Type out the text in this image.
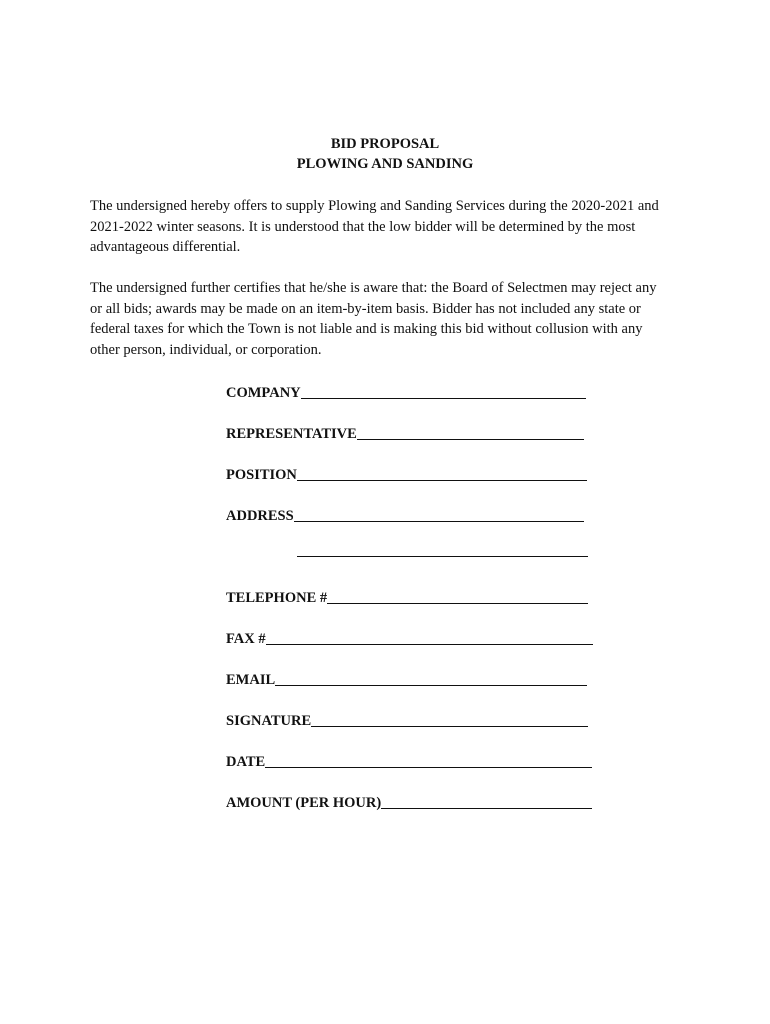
BID PROPOSAL
PLOWING AND SANDING
The undersigned hereby offers to supply Plowing and Sanding Services during the 2020-2021 and 2021-2022 winter seasons. It is understood that the low bidder will be determined by the most advantageous differential.
The undersigned further certifies that he/she is aware that: the Board of Selectmen may reject any or all bids; awards may be made on an item-by-item basis. Bidder has not included any state or federal taxes for which the Town is not liable and is making this bid without collusion with any other person, individual, or corporation.
COMPANY
REPRESENTATIVE
POSITION
ADDRESS
TELEPHONE #
FAX #
EMAIL
SIGNATURE
DATE
AMOUNT (PER HOUR)
